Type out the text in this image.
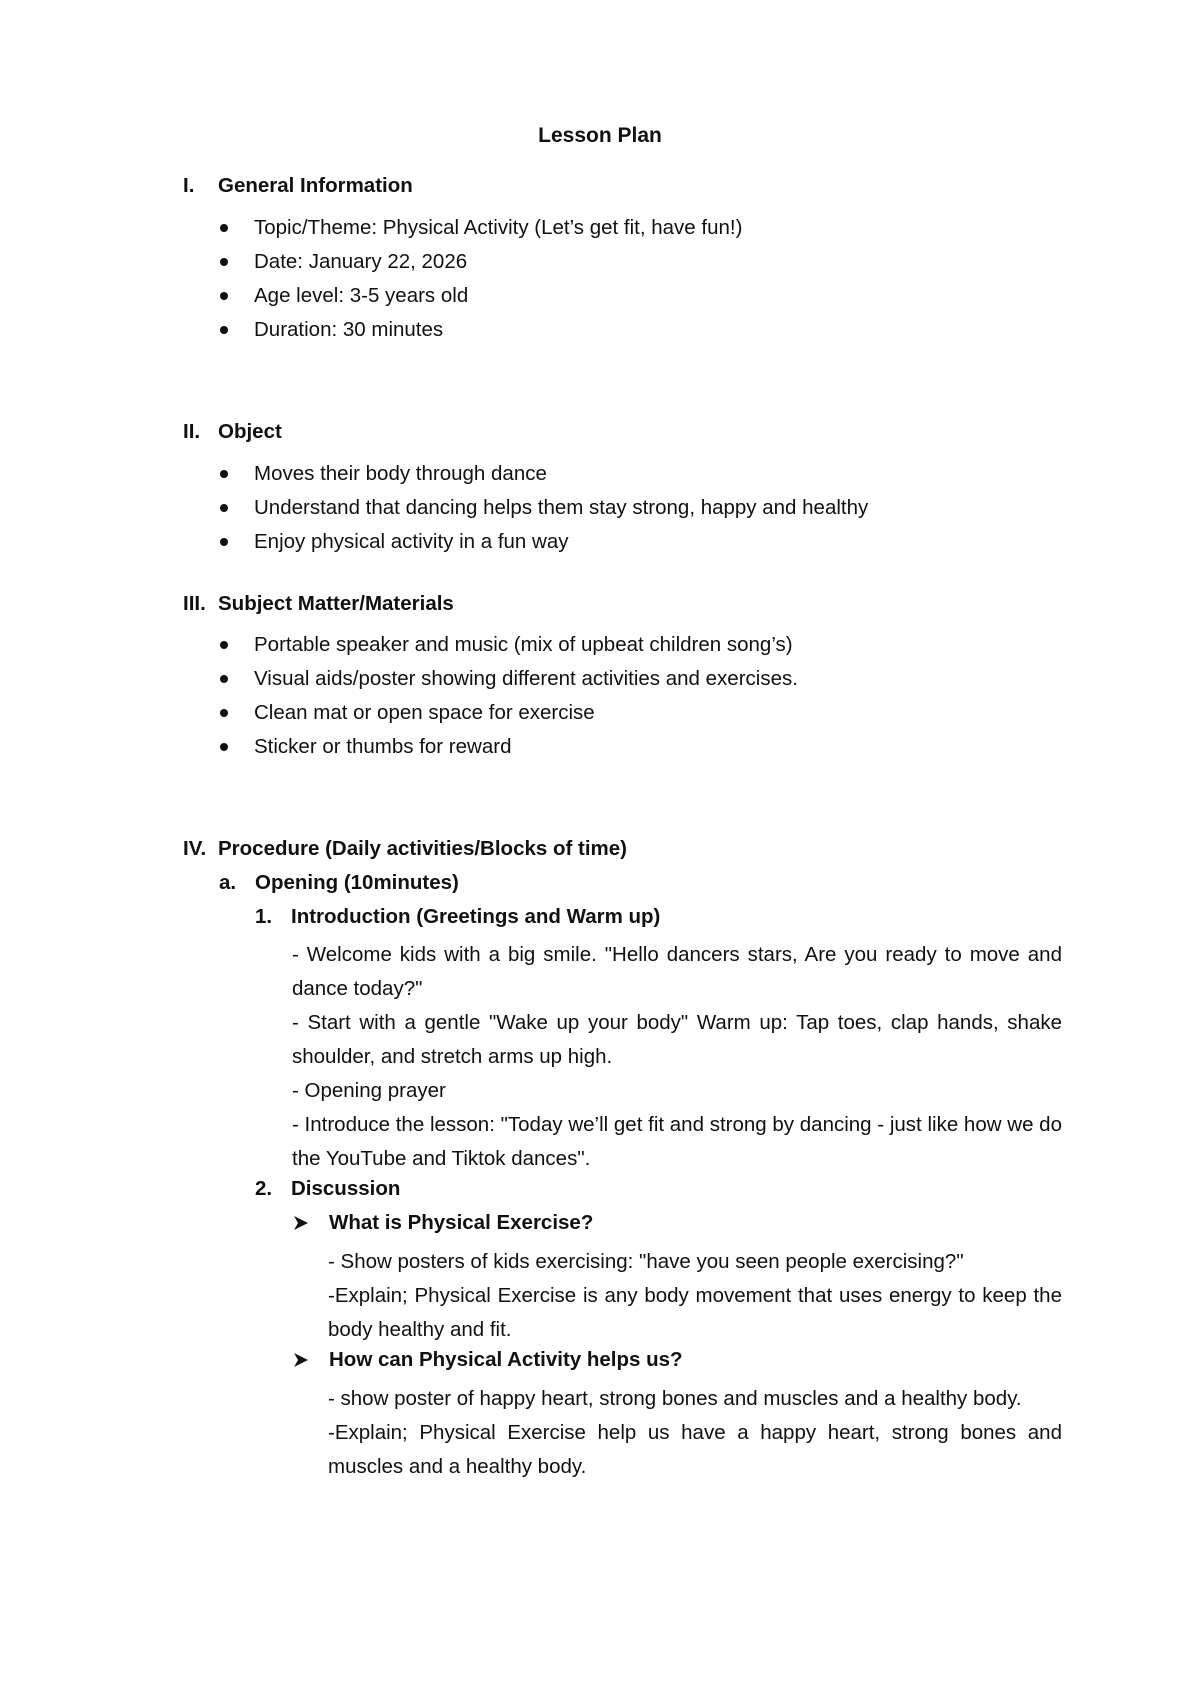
Lesson Plan
I. General Information
Topic/Theme: Physical Activity (Let’s get fit, have fun!)
Date: January 22, 2026
Age level: 3-5 years old
Duration: 30 minutes
II. Object
Moves their body through dance
Understand that dancing helps them stay strong, happy and healthy
Enjoy physical activity in a fun way
III. Subject Matter/Materials
Portable speaker and music (mix of upbeat children song’s)
Visual aids/poster showing different activities and exercises.
Clean mat or open space for exercise
Sticker or thumbs for reward
IV. Procedure (Daily activities/Blocks of time)
a. Opening (10minutes)
1. Introduction (Greetings and Warm up)
- Welcome kids with a big smile. "Hello dancers stars, Are you ready to move and dance today?"
- Start with a gentle "Wake up your body" Warm up: Tap toes, clap hands, shake shoulder, and stretch arms up high.
- Opening prayer
- Introduce the lesson: "Today we’ll get fit and strong by dancing - just like how we do the YouTube and Tiktok dances".
2. Discussion
What is Physical Exercise?
- Show posters of kids exercising: "have you seen people exercising?"
-Explain; Physical Exercise is any body movement that uses energy to keep the body healthy and fit.
How can Physical Activity helps us?
- show poster of happy heart, strong bones and muscles and a healthy body.
-Explain; Physical Exercise help us have a happy heart, strong bones and muscles and a healthy body.
